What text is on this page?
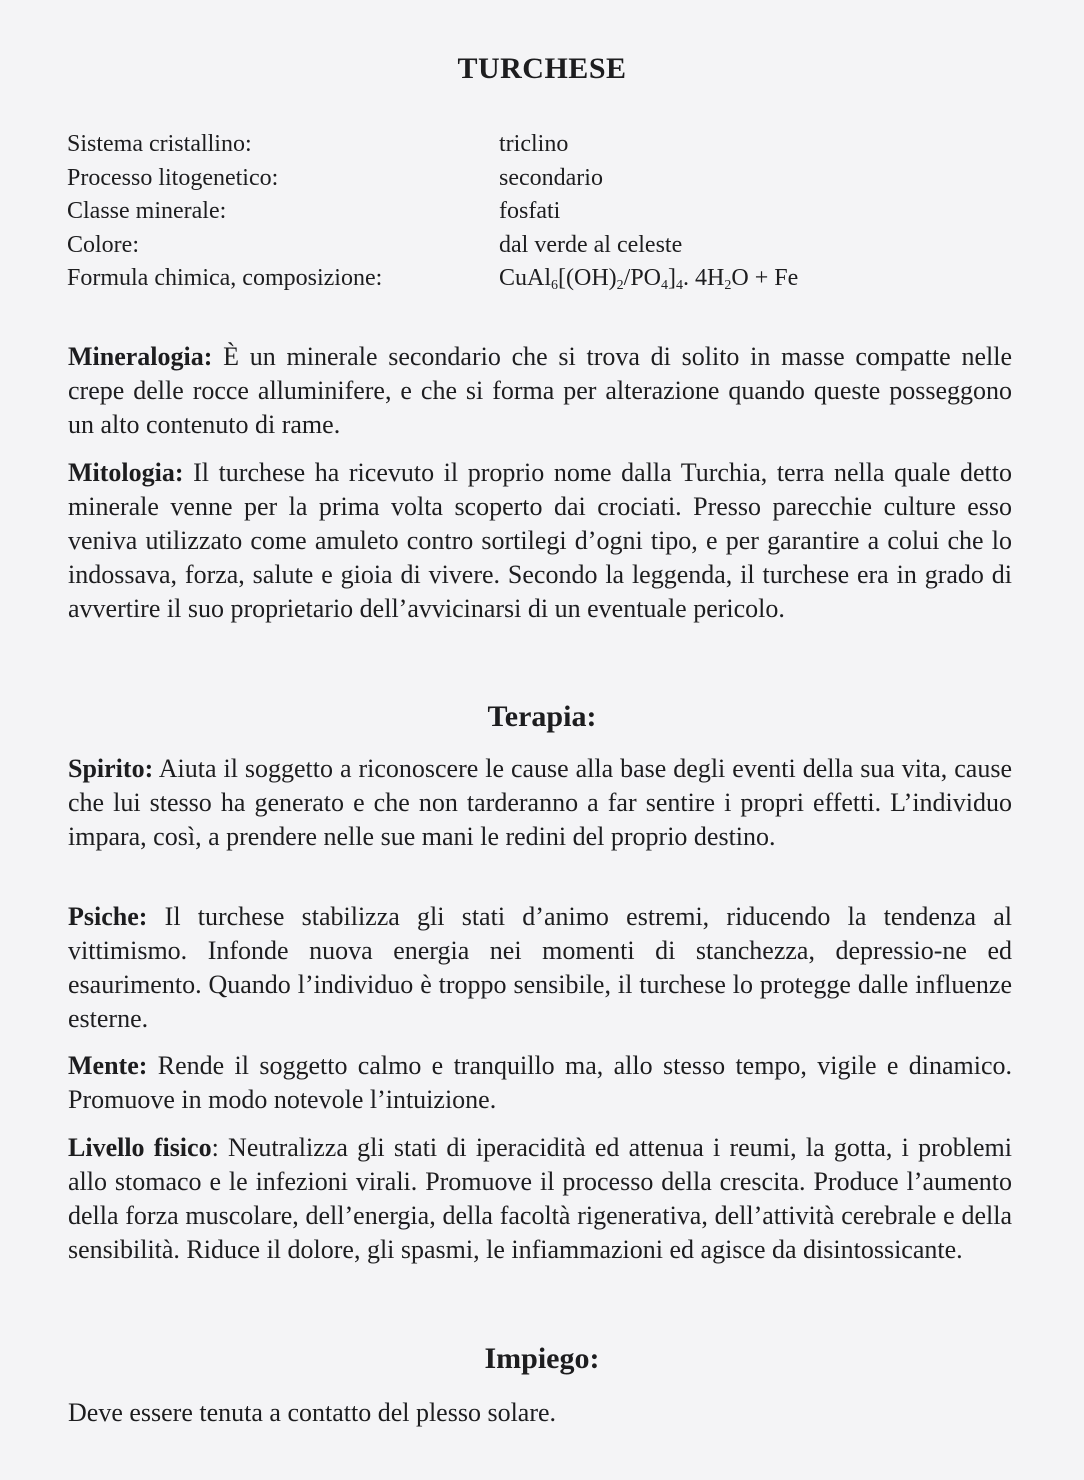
TURCHESE
Sistema cristallino:	triclino
Processo litogenetico:	secondario
Classe minerale:	fosfati
Colore:	dal verde al celeste
Formula chimica, composizione:	$CuAl_6[(OH)_2/PO_4]_4$. $4H_2O + Fe$

Mineralogia: È un minerale secondario che si trova di solito in masse compatte nelle crepe delle rocce alluminifere, e che si forma per alterazione quando queste posseggono un alto contenuto di rame.

Mitologia: Il turchese ha ricevuto il proprio nome dalla Turchia, terra nella quale detto minerale venne per la prima volta scoperto dai crociati. Presso parecchie culture esso veniva utilizzato come amuleto contro sortilegi d’ogni tipo, e per garantire a colui che lo indossava, forza, salute e gioia di vivere. Secondo la leggenda, il turchese era in grado di avvertire il suo proprietario dell’avvicinarsi di un eventuale pericolo.

Terapia:

Spirito: Aiuta il soggetto a riconoscere le cause alla base degli eventi della sua vita, cause che lui stesso ha generato e che non tarderanno a far sentire i propri effetti. L’individuo impara, così, a prendere nelle sue mani le redini del proprio destino.

Psiche: Il turchese stabilizza gli stati d’animo estremi, riducendo la tendenza al vittimismo. Infonde nuova energia nei momenti di stanchezza, depressio-ne ed esaurimento. Quando l’individuo è troppo sensibile, il turchese lo protegge dalle influenze esterne.

Mente: Rende il soggetto calmo e tranquillo ma, allo stesso tempo, vigile e dinamico. Promuove in modo notevole l’intuizione.

Livello fisico: Neutralizza gli stati di iperacidità ed attenua i reumi, la gotta, i problemi allo stomaco e le infezioni virali. Promuove il processo della crescita. Produce l’aumento della forza muscolare, dell’energia, della facoltà rigenerativa, dell’attività cerebrale e della sensibilità. Riduce il dolore, gli spasmi, le infiammazioni ed agisce da disintossicante.

Impiego:

Deve essere tenuta a contatto del plesso solare.
